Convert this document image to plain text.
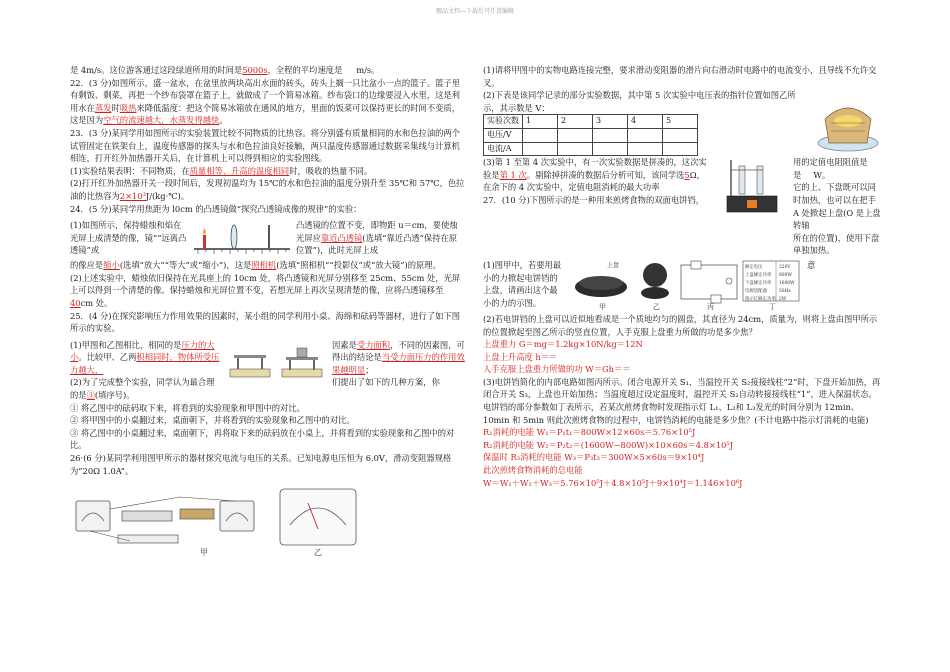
精品文档---下载后可任意编辑

是 4m/s。这位游客通过这段绿道所用的时间是5000s，全程的平均速度是 m/s。

22．(3 分)如图所示，盛一盆水，在盆里放两块高出水面的砖头，砖头上搁一只比盆小一点的篮子。篮子里有剩饭、剩菜，再把一个纱布袋罩在篮子上，就做成了一个简易冰箱。纱布袋口的边缘要浸入水里，这是利用水在蒸发时吸热来降低温度：把这个简易冰箱放在通风的地方，里面的饭菜可以保持更长的时间不变质，这是因为空气的流速越大，水蒸发得越快。

23．(3 分)某同学用如图所示的实验装置比较不同物质的比热容。将分别盛有质量相同的水和色拉油的两个试管固定在铁架台上，温度传感器的探头与水和色拉油良好接触，两只温度传感器通过数据采集线与计算机相连，打开红外加热器开关后，在计算机上可以得到相应的实验图线。

(1)实验结果表明：不同物质，在质量相等、升高的温度相同时，吸收的热量不同。

(2)打开红外加热器开关一段时间后，发现初温均为 15℃的水和色拉油的温度分别升至 35℃和 57℃，色拉油的比热容为2×10³J/(kg·℃)。

24．(5 分)某同学用焦距为 l0cm 的凸透镜做“探究凸透镜成像的规律”的实验：

(1)如图所示，保持蜡烛和焰在光屏上成清楚的像，镜”“远离凸透镜”或
凸透镜的位置不变，即物距 u＝cm，要使烛光屏应靠近凸透镜(选填“靠近凸透“保持在原位置”)，此时光屏上成

的像应是缩小(选填“放大”“等大”或“缩小”)，这是照相机(选填“照相机”“投影仪”或“放大镜”)的原理。

(2)上述实验中，蜡烛依旧保持在光具座上的 10cm 处，将凸透镜和光屏分别移至 25cm、55cm 处，光屏上可以得到一个清楚的像。保持蜡烛和光屏位置不变，若想光屏上再次呈现清楚的像，应将凸透镜移至40cm 处。

25．(4 分)在探究影响压力作用效果的因素时，某小组的同学利用小桌、海绵和砝码等器材，进行了如下图所示的实验。

(1)甲图和乙图相比，相同的是压力的大小。比较甲、乙两积相同时，物体所受压力越大，
(2)为了完成整个实验，同学认为最合理的是③(填序号)。
因素是受力面积，不同的因素图，可得出的结论是当受力面压力的作用效果越明显；
们提出了如下的几种方案，你

① 将乙图中的砝码取下来，将看到的实验现象和甲图中的对比。

② 将甲图中的小桌翻过来，桌面朝下，并将看到的实验现象和乙图中的对比。

③ 将乙图中的小桌翻过来，桌面朝下，再将取下来的砝码放在小桌上，并将看到的实验现象和乙图中的对比。

26·(6 分)某同学利用图甲所示的器材探究电流与电压的关系。已知电源电压恒为 6.0V，滑动变阻器规格为“20Ω 1.0A”。

甲	乙

(1)请将甲图中的实物电路连接完整，要求滑动变阻器的滑片向右滑动时电路中的电流变小，且导线不允许交叉。

(2)下表是该同学记录的部分实验数据，其中第 5 次实验中电压表的指针位置如图乙所示，其示数是 V：

实验次数	1	2	3	4	5
电压/V					
电流/A					

(3)第 1 至第 4 次实验中，有一次实验数据是拼凑的，这次实验是第 1 次。剔除掉拼凑的数据后分析可知，该同学选5Ω，在余下的 4 次实验中，定值电阻消耗的最大功率

27．(10 分)下图所示的是一种用来煎烤食物的双面电饼铛，

用的定值电阻阻值是
是 W。
它的上、下盘既可以同时加热，也可以在把手 A 处掀起上盘(O 是上盘转轴
所在的位置)，使用下盘单独加热。
(1)图甲中，若要用最小的力掀起电饼铛的上盘，请画出这个最小的力的示图。
上盘
甲	乙	丙
额定电压	220V
上盘额定功率 800W
下盘额定功率 1600W
电源适配器	50Hz
指示灯额定功率 2W
丁
意

(2)若电饼铛的上盘可以近似地看成是一个质地均匀的圆盘，其直径为 24cm，质量为，则将上盘由图甲所示的位置掀起至图乙所示的竖直位置，人手克服上盘重力所做的功是多少焦？

上盘重力 G＝mg＝1.2kg×10N/kg＝12N

上盘上升高度 h＝＝

人手克服上盘重力所做的功 W＝Gh＝＝

(3)电饼铛简化的内部电路如图丙所示。闭合电源开关 S₁，当温控开关 S₂接接线柱“2”时，下盘开始加热，再闭合开关 S₃，上盘也开始加热；当温度超过设定温度时，温控开关 S₂自动转接接线柱“1”，进入保温状态。电饼铛的部分参数如丁表所示，若某次煎烤食物时发现指示灯 L₁、L₂和 L₃发光的时间分别为 12min、10min 和 5min 则此次煎烤食物的过程中，电饼铛消耗的电能是多少焦？(不计电路中指示灯消耗的电能)

R₁消耗的电能 W₁＝P₁t₁＝800W×12×60s＝5.76×10⁵J

R₂消耗的电能 W₂＝P₂t₂＝(1600W−800W)×10×60s＝4.8×10⁵J

保温时 R₃消耗的电能 W₃＝P₃t₃＝300W×5×60s＝9×10⁴J

此次煎烤食物消耗的总电能

W＝W₁＋W₂＋W₃＝5.76×10⁵J＋4.8×10⁵J＋9×10⁴J＝1.146×10⁶J
